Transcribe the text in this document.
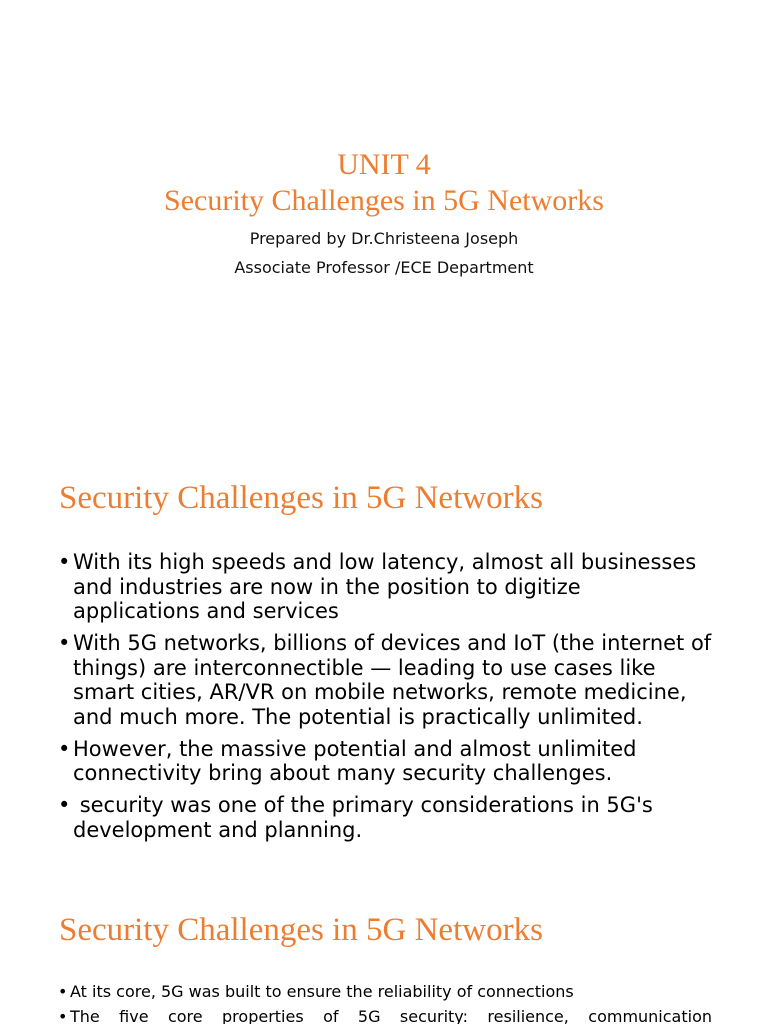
UNIT 4
Security Challenges in 5G Networks
Prepared by Dr.Christeena Joseph
Associate Professor /ECE Department
Security Challenges in 5G Networks
• With its high speeds and low latency, almost all businesses and industries are now in the position to digitize applications and services
• With 5G networks, billions of devices and IoT (the internet of things) are interconnectible — leading to use cases like smart cities, AR/VR on mobile networks, remote medicine, and much more. The potential is practically unlimited.
• However, the massive potential and almost unlimited connectivity bring about many security challenges.
• security was one of the primary considerations in 5G's development and planning.
Security Challenges in 5G Networks
• At its core, 5G was built to ensure the reliability of connections
• The five core properties of 5G security: resilience, communication
